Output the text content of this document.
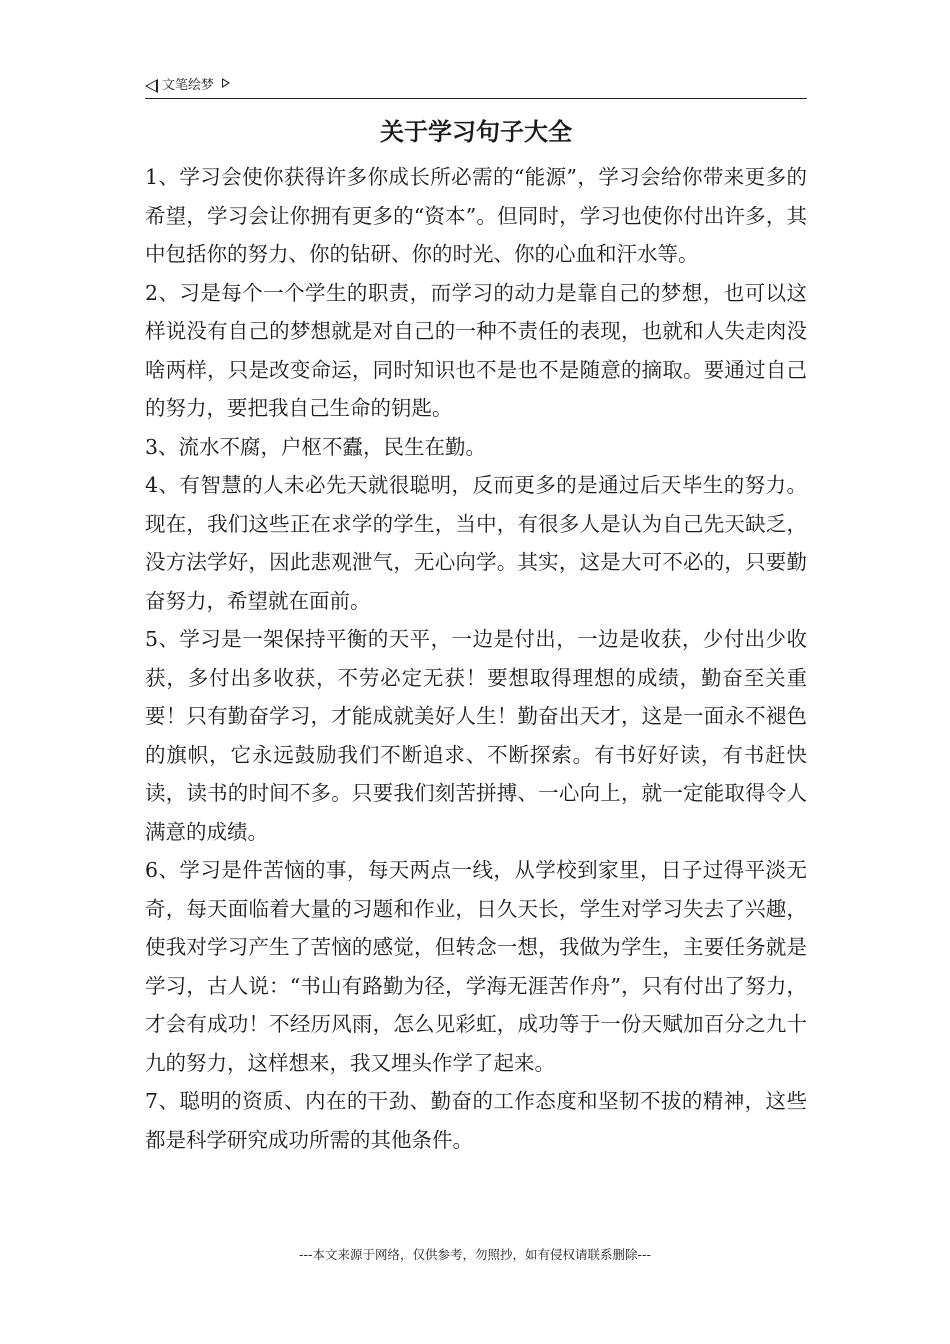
文笔绘梦
关于学习句子大全

1、学习会使你获得许多你成长所必需的“能源”，学习会给你带来更多的希望，学习会让你拥有更多的“资本”。但同时，学习也使你付出许多，其中包括你的努力、你的钻研、你的时光、你的心血和汗水等。

2、习是每个一个学生的职责，而学习的动力是靠自己的梦想，也可以这样说没有自己的梦想就是对自己的一种不责任的表现，也就和人失走肉没啥两样，只是改变命运，同时知识也不是也不是随意的摘取。要通过自己的努力，要把我自己生命的钥匙。

3、流水不腐，户枢不蠹，民生在勤。

4、有智慧的人未必先天就很聪明，反而更多的是通过后天毕生的努力。现在，我们这些正在求学的学生，当中，有很多人是认为自己先天缺乏，没方法学好，因此悲观泄气，无心向学。其实，这是大可不必的，只要勤奋努力，希望就在面前。

5、学习是一架保持平衡的天平，一边是付出，一边是收获，少付出少收获，多付出多收获，不劳必定无获！要想取得理想的成绩，勤奋至关重要！只有勤奋学习，才能成就美好人生！勤奋出天才，这是一面永不褪色的旗帜，它永远鼓励我们不断追求、不断探索。有书好好读，有书赶快读，读书的时间不多。只要我们刻苦拼搏、一心向上，就一定能取得令人满意的成绩。

6、学习是件苦恼的事，每天两点一线，从学校到家里，日子过得平淡无奇，每天面临着大量的习题和作业，日久天长，学生对学习失去了兴趣，使我对学习产生了苦恼的感觉，但转念一想，我做为学生，主要任务就是学习，古人说：“书山有路勤为径，学海无涯苦作舟”，只有付出了努力，才会有成功！不经历风雨，怎么见彩虹，成功等于一份天赋加百分之九十九的努力，这样想来，我又埋头作学了起来。

7、聪明的资质、内在的干劲、勤奋的工作态度和坚韧不拔的精神，这些都是科学研究成功所需的其他条件。

---本文来源于网络，仅供参考，勿照抄，如有侵权请联系删除---
